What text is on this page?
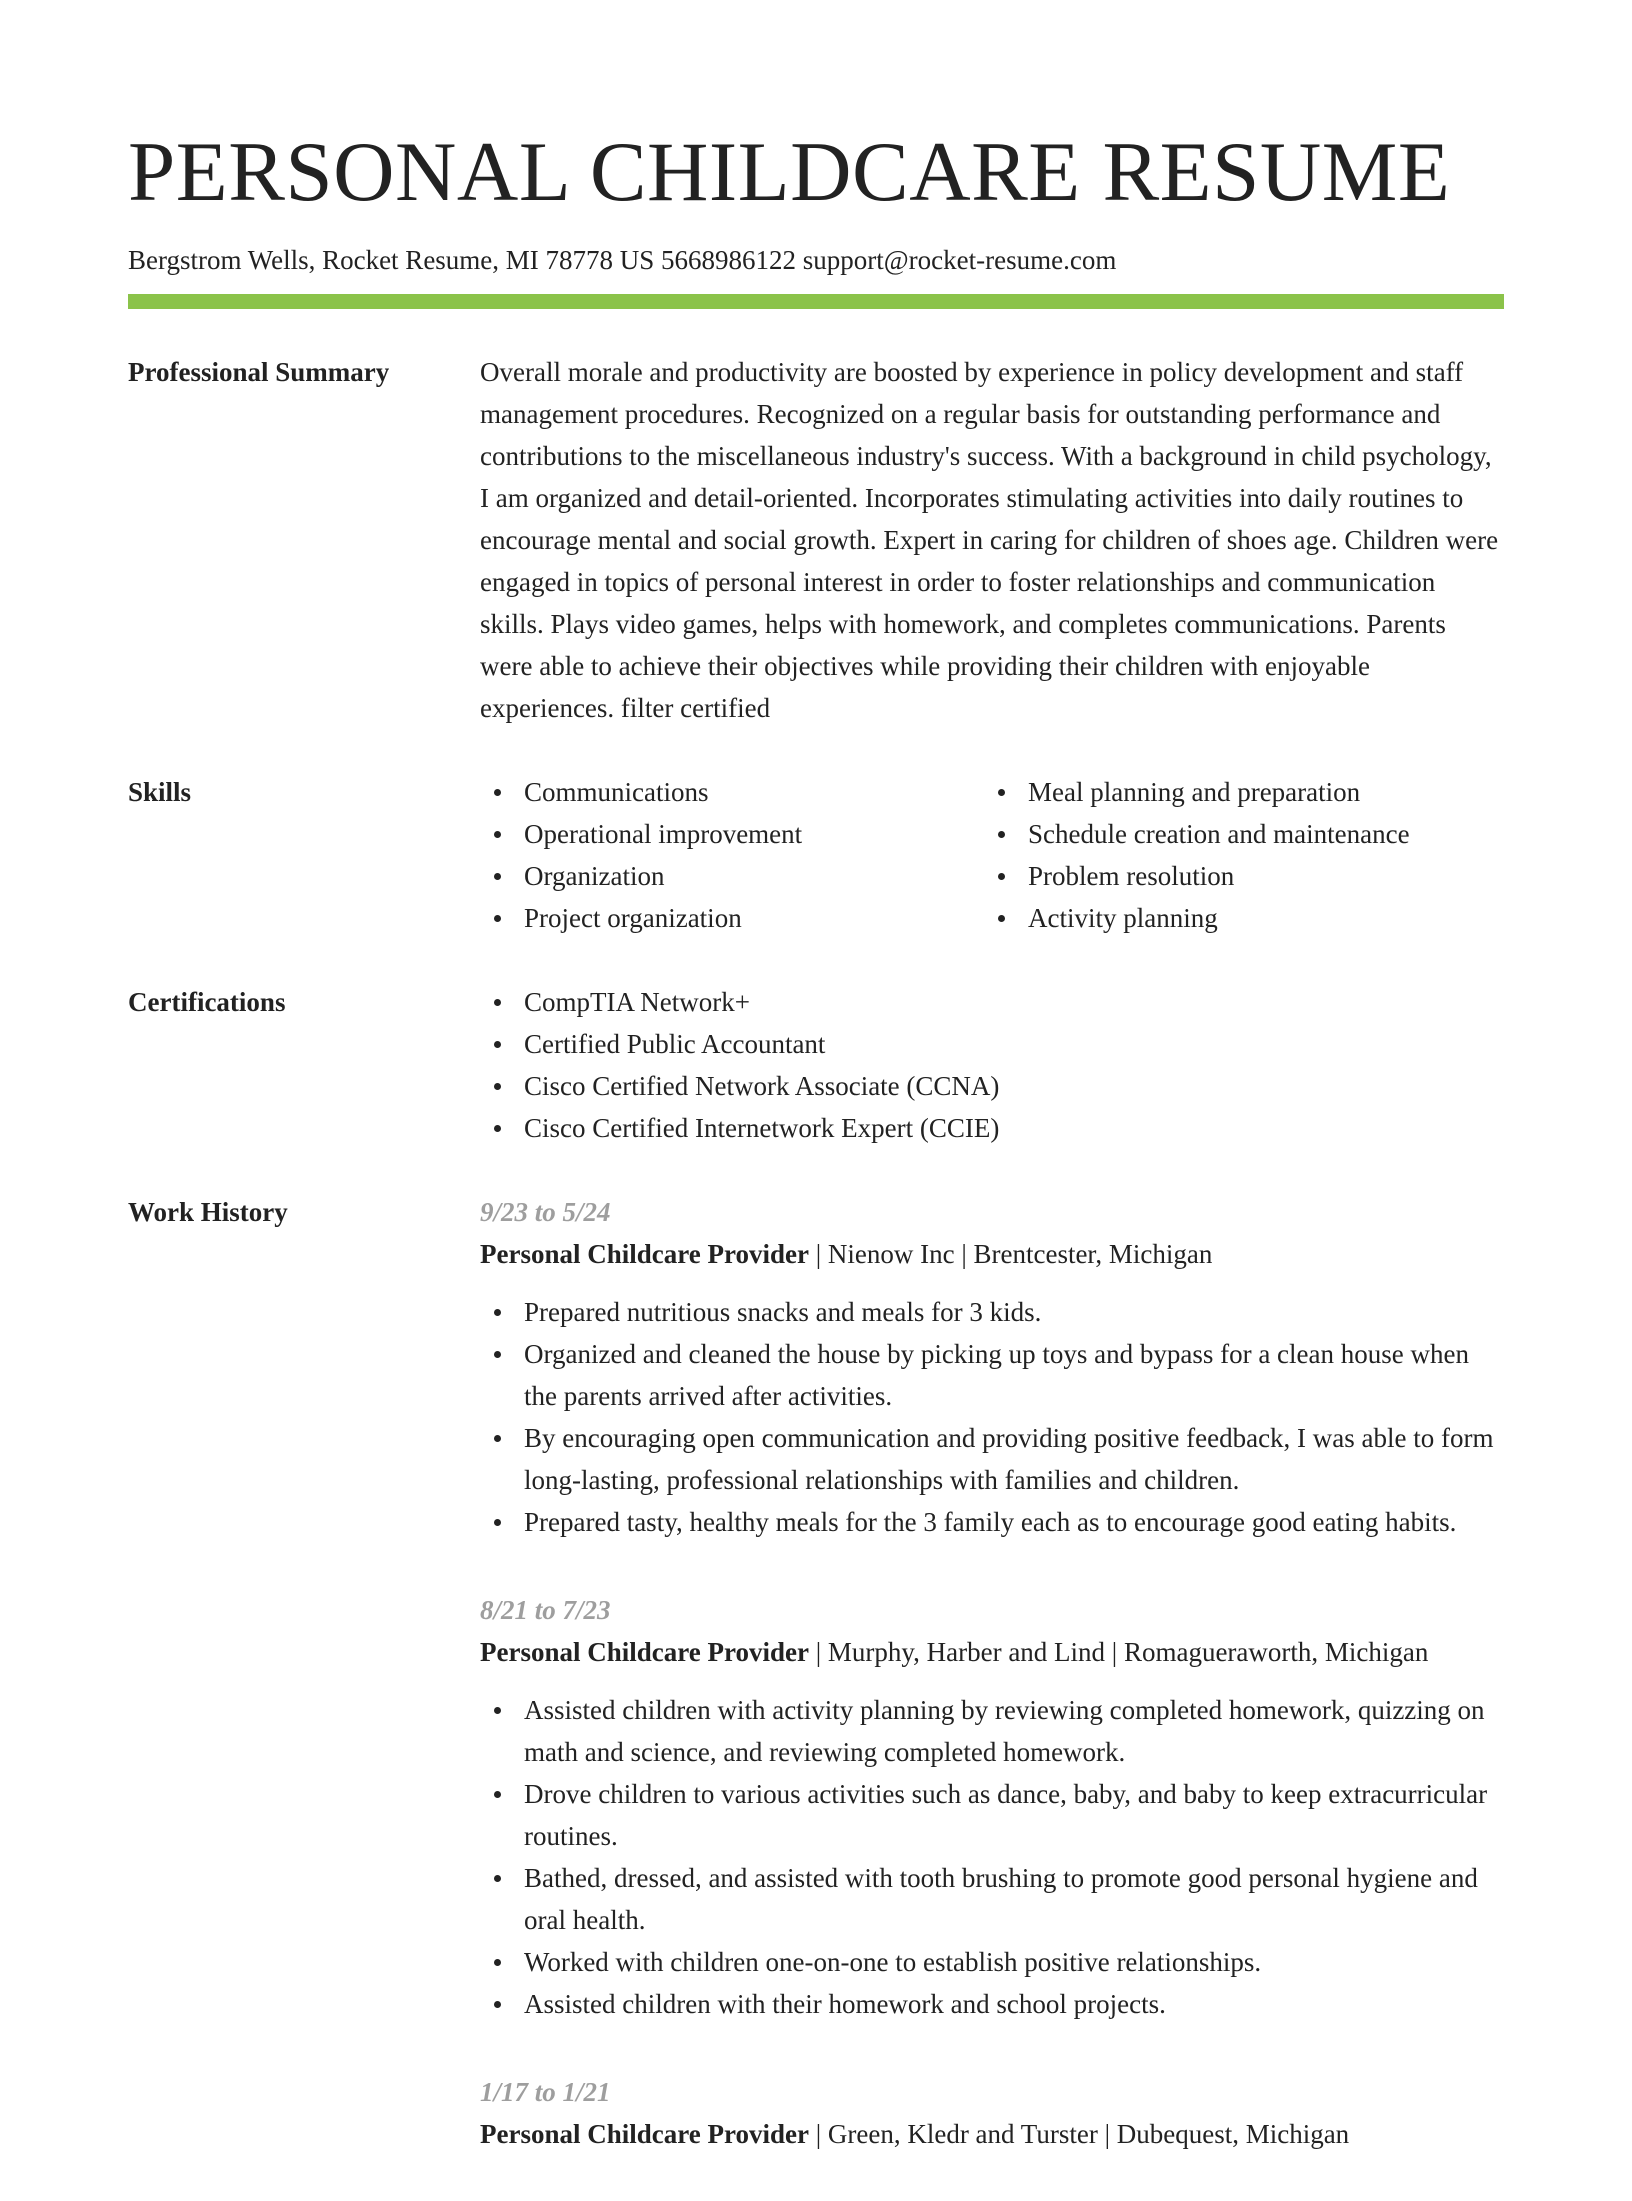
PERSONAL CHILDCARE RESUME
Bergstrom Wells, Rocket Resume, MI 78778 US 5668986122 support@rocket-resume.com
Professional Summary	Overall morale and productivity are boosted by experience in policy development and staff management procedures. Recognized on a regular basis for outstanding performance and contributions to the miscellaneous industry's success. With a background in child psychology, I am organized and detail-oriented. Incorporates stimulating activities into daily routines to encourage mental and social growth. Expert in caring for children of shoes age. Children were engaged in topics of personal interest in order to foster relationships and communication skills. Plays video games, helps with homework, and completes communications. Parents were able to achieve their objectives while providing their children with enjoyable experiences. filter certified

Skills	Communications
Operational improvement
Organization
Project organization
Meal planning and preparation
Schedule creation and maintenance
Problem resolution
Activity planning
Certifications	CompTIA Network+
Certified Public Accountant
Cisco Certified Network Associate (CCNA)
Cisco Certified Internetwork Expert (CCIE)
Work History	9/23 to 5/24
Personal Childcare Provider | Nienow Inc | Brentcester, Michigan
Prepared nutritious snacks and meals for 3 kids.
Organized and cleaned the house by picking up toys and bypass for a clean house when the parents arrived after activities.
By encouraging open communication and providing positive feedback, I was able to form long-lasting, professional relationships with families and children.
Prepared tasty, healthy meals for the 3 family each as to encourage good eating habits.
8/21 to 7/23
Personal Childcare Provider | Murphy, Harber and Lind | Romagueraworth, Michigan
Assisted children with activity planning by reviewing completed homework, quizzing on math and science, and reviewing completed homework.
Drove children to various activities such as dance, baby, and baby to keep extracurricular routines.
Bathed, dressed, and assisted with tooth brushing to promote good personal hygiene and oral health.
Worked with children one-on-one to establish positive relationships.
Assisted children with their homework and school projects.
1/17 to 1/21
Personal Childcare Provider | Green, Kledr and Turster | Dubequest, Michigan
